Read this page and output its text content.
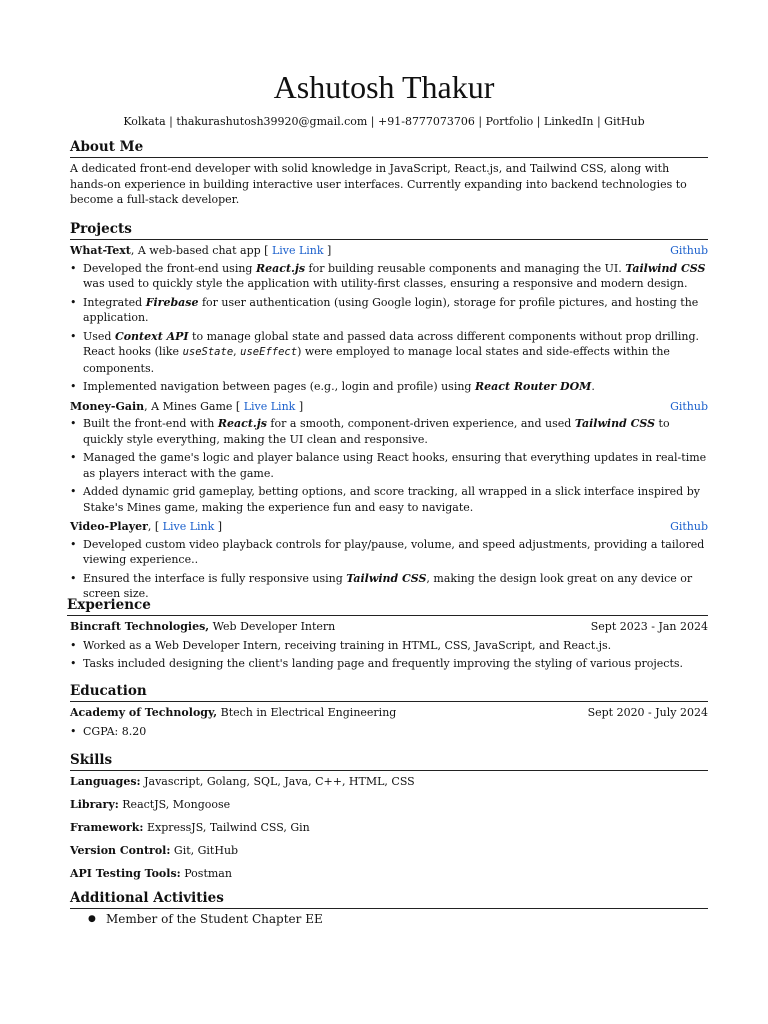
Ashutosh Thakur
Kolkata | thakurashutosh39920@gmail.com | +91-8777073706 | Portfolio | LinkedIn | GitHub
About Me
A dedicated front-end developer with solid knowledge in JavaScript, React.js, and Tailwind CSS, along with hands-on experience in building interactive user interfaces. Currently expanding into backend technologies to become a full-stack developer.
Projects
What-Text, A web-based chat app [ Live Link ]	Github
• Developed the front-end using React.js for building reusable components and managing the UI. Tailwind CSS was used to quickly style the application with utility-first classes, ensuring a responsive and modern design.
• Integrated Firebase for user authentication (using Google login), storage for profile pictures, and hosting the application.
• Used Context API to manage global state and passed data across different components without prop drilling. React hooks (like useState, useEffect) were employed to manage local states and side-effects within the components.
• Implemented navigation between pages (e.g., login and profile) using React Router DOM.
Money-Gain, A Mines Game [ Live Link ]	Github
• Built the front-end with React.js for a smooth, component-driven experience, and used Tailwind CSS to quickly style everything, making the UI clean and responsive.
• Managed the game's logic and player balance using React hooks, ensuring that everything updates in real-time as players interact with the game.
• Added dynamic grid gameplay, betting options, and score tracking, all wrapped in a slick interface inspired by Stake's Mines game, making the experience fun and easy to navigate.
Video-Player, [ Live Link ]	Github
• Developed custom video playback controls for play/pause, volume, and speed adjustments, providing a tailored viewing experience..
• Ensured the interface is fully responsive using Tailwind CSS, making the design look great on any device or screen size.
Experience
Bincraft Technologies, Web Developer Intern	Sept 2023 - Jan 2024
• Worked as a Web Developer Intern, receiving training in HTML, CSS, JavaScript, and React.js.
• Tasks included designing the client's landing page and frequently improving the styling of various projects.
Education
Academy of Technology, Btech in Electrical Engineering	Sept 2020 - July 2024
• CGPA: 8.20
Skills
Languages: Javascript, Golang, SQL, Java, C++, HTML, CSS
Library: ReactJS, Mongoose
Framework: ExpressJS, Tailwind CSS, Gin
Version Control: Git, GitHub
API Testing Tools: Postman
Additional Activities
● Member of the Student Chapter EE
